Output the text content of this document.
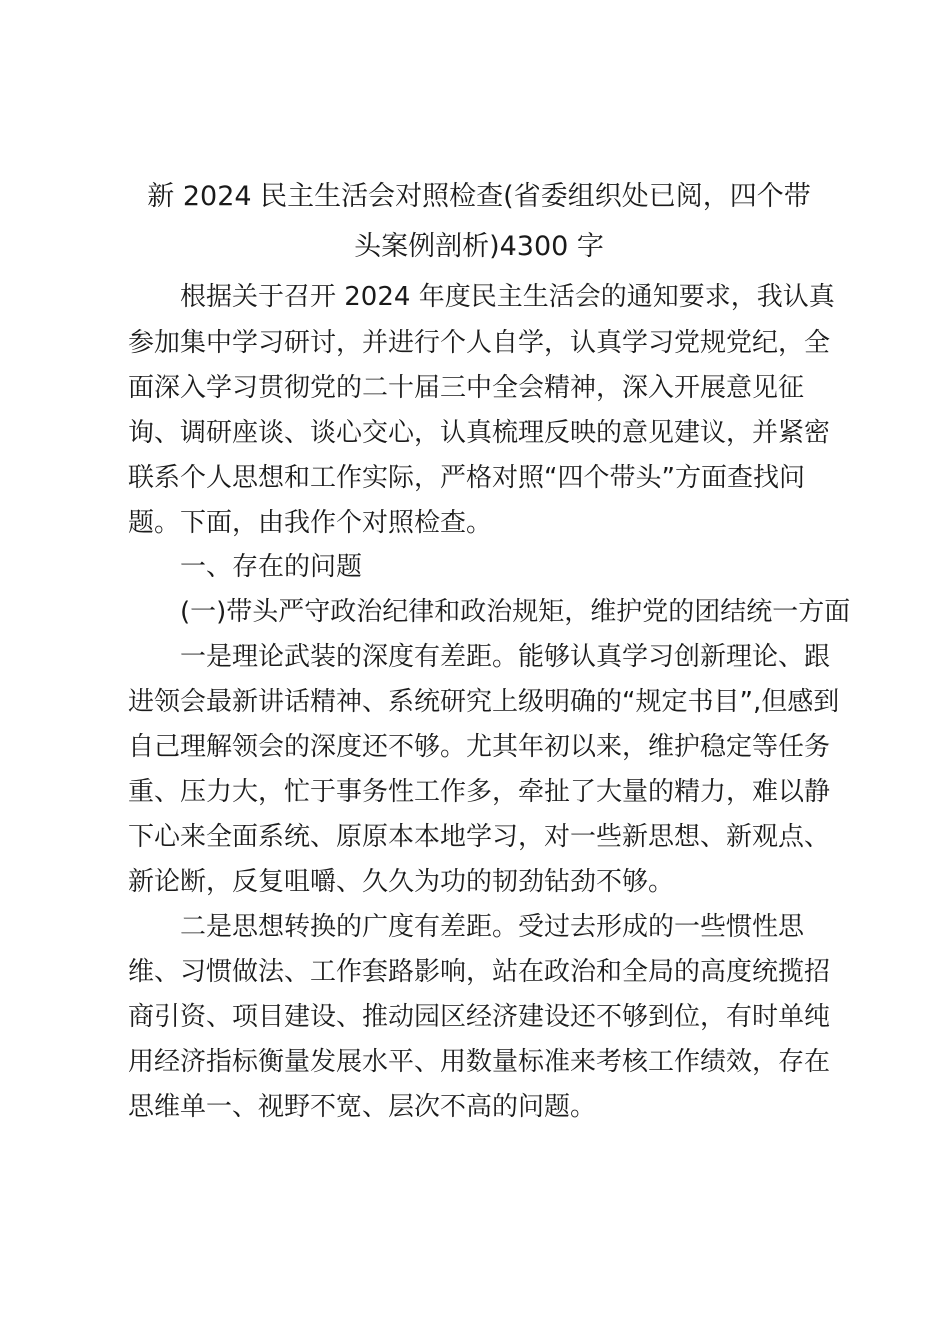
新 2024 民主生活会对照检查(省委组织处已阅，四个带
头案例剖析)4300 字
根据关于召开 2024 年度民主生活会的通知要求，我认真
参加集中学习研讨，并进行个人自学，认真学习党规党纪，全
面深入学习贯彻党的二十届三中全会精神，深入开展意见征
询、调研座谈、谈心交心，认真梳理反映的意见建议，并紧密
联系个人思想和工作实际，严格对照“四个带头”方面查找问
题。下面，由我作个对照检查。
一、存在的问题
(一)带头严守政治纪律和政治规矩，维护党的团结统一方面
一是理论武装的深度有差距。能够认真学习创新理论、跟
进领会最新讲话精神、系统研究上级明确的“规定书目”,但感到
自己理解领会的深度还不够。尤其年初以来，维护稳定等任务
重、压力大，忙于事务性工作多，牵扯了大量的精力，难以静
下心来全面系统、原原本本地学习，对一些新思想、新观点、
新论断，反复咀嚼、久久为功的韧劲钻劲不够。
二是思想转换的广度有差距。受过去形成的一些惯性思
维、习惯做法、工作套路影响，站在政治和全局的高度统揽招
商引资、项目建设、推动园区经济建设还不够到位，有时单纯
用经济指标衡量发展水平、用数量标准来考核工作绩效，存在
思维单一、视野不宽、层次不高的问题。
